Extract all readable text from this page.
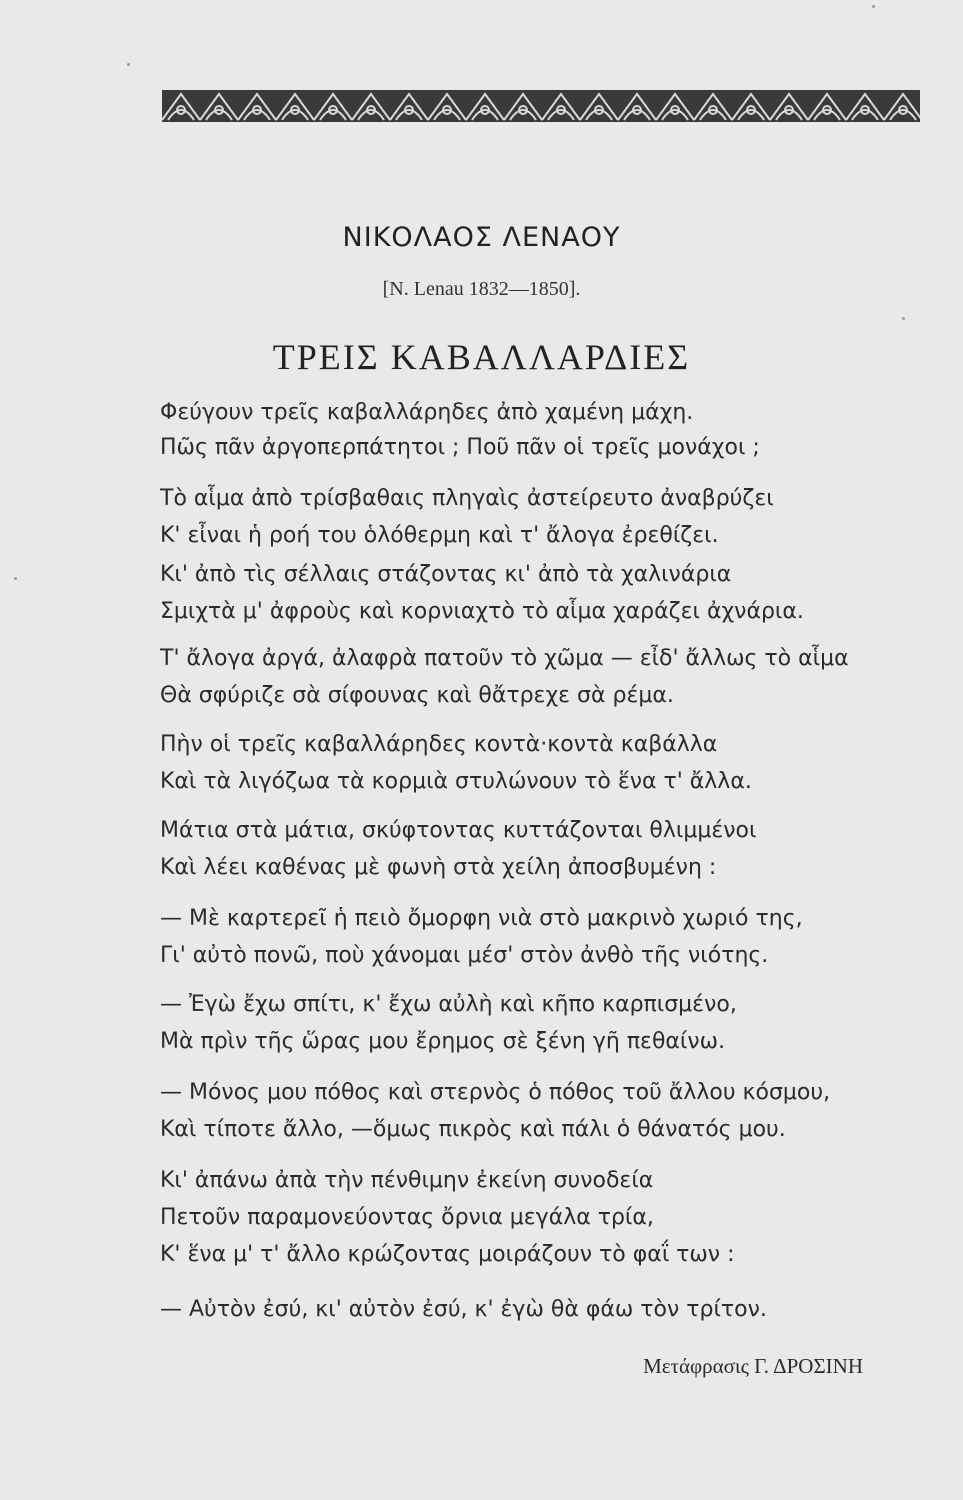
ΝΙΚΟΛΑΟΣ ΛΕΝΑΟΥ
[N. Lenau 1832—1850].
ΤΡΕΙΣ ΚΑΒΑΛΛΑΡΔΙΕΣ
Φεύγουν τρεῖς καβαλλάρηδες ἀπὸ χαμένη μάχη.
Πῶς πᾶν ἀργοπερπάτητοι ; Ποῦ πᾶν οἱ τρεῖς μονάχοι ;
Τὸ αἷμα ἀπὸ τρίσβαθαις πληγαὶς ἀστείρευτο ἀναβρύζει
Κ' εἶναι ἡ ροή του ὁλόθερμη καὶ τ' ἄλογα ἐρεθίζει.
Κι' ἀπὸ τὶς σέλλαις στάζοντας κι' ἀπὸ τὰ χαλινάρια
Σμιχτὰ μ' ἀφροὺς καὶ κορνιαχτὸ τὸ αἷμα χαράζει ἀχνάρια.
Τ' ἄλογα ἀργά, ἀλαφρὰ πατοῦν τὸ χῶμα — εἶδ' ἄλλως τὸ αἷμα
Θὰ σφύριζε σὰ σίφουνας καὶ θἄτρεχε σὰ ρέμα.
Πὴν οἱ τρεῖς καβαλλάρηδες κοντὰ·κοντὰ καβάλλα
Καὶ τὰ λιγόζωα τὰ κορμιὰ στυλώνουν τὸ ἕνα τ' ἄλλα.
Μάτια στὰ μάτια, σκύφτοντας κυττάζονται θλιμμένοι
Καὶ λέει καθένας μὲ φωνὴ στὰ χείλη ἀποσβυμένη :
— Μὲ καρτερεῖ ἡ πειὸ ὄμορφη νιὰ στὸ μακρινὸ χωριό της,
Γι' αὐτὸ πονῶ, ποὺ χάνομαι μέσ' στὸν ἀνθὸ τῆς νιότης.
— Ἐγὼ ἔχω σπίτι, κ' ἔχω αὐλὴ καὶ κῆπο καρπισμένο,
Μὰ πρὶν τῆς ὥρας μου ἔρημος σὲ ξένη γῆ πεθαίνω.
— Μόνος μου πόθος καὶ στερνὸς ὁ πόθος τοῦ ἄλλου κόσμου,
Καὶ τίποτε ἄλλο, —ὅμως πικρὸς καὶ πάλι ὁ θάνατός μου.
Κι' ἀπάνω ἀπὰ τὴν πένθιμην ἐκείνη συνοδεία
Πετοῦν παραμονεύοντας ὄρνια μεγάλα τρία,
Κ' ἕνα μ' τ' ἄλλο κρώζοντας μοιράζουν τὸ φαΐ των :
— Αὐτὸν ἐσύ, κι' αὐτὸν ἐσύ, κ' ἐγὼ θὰ φάω τὸν τρίτον.
Μετάφρασις Γ. ΔΡΟΣΙΝΗ
